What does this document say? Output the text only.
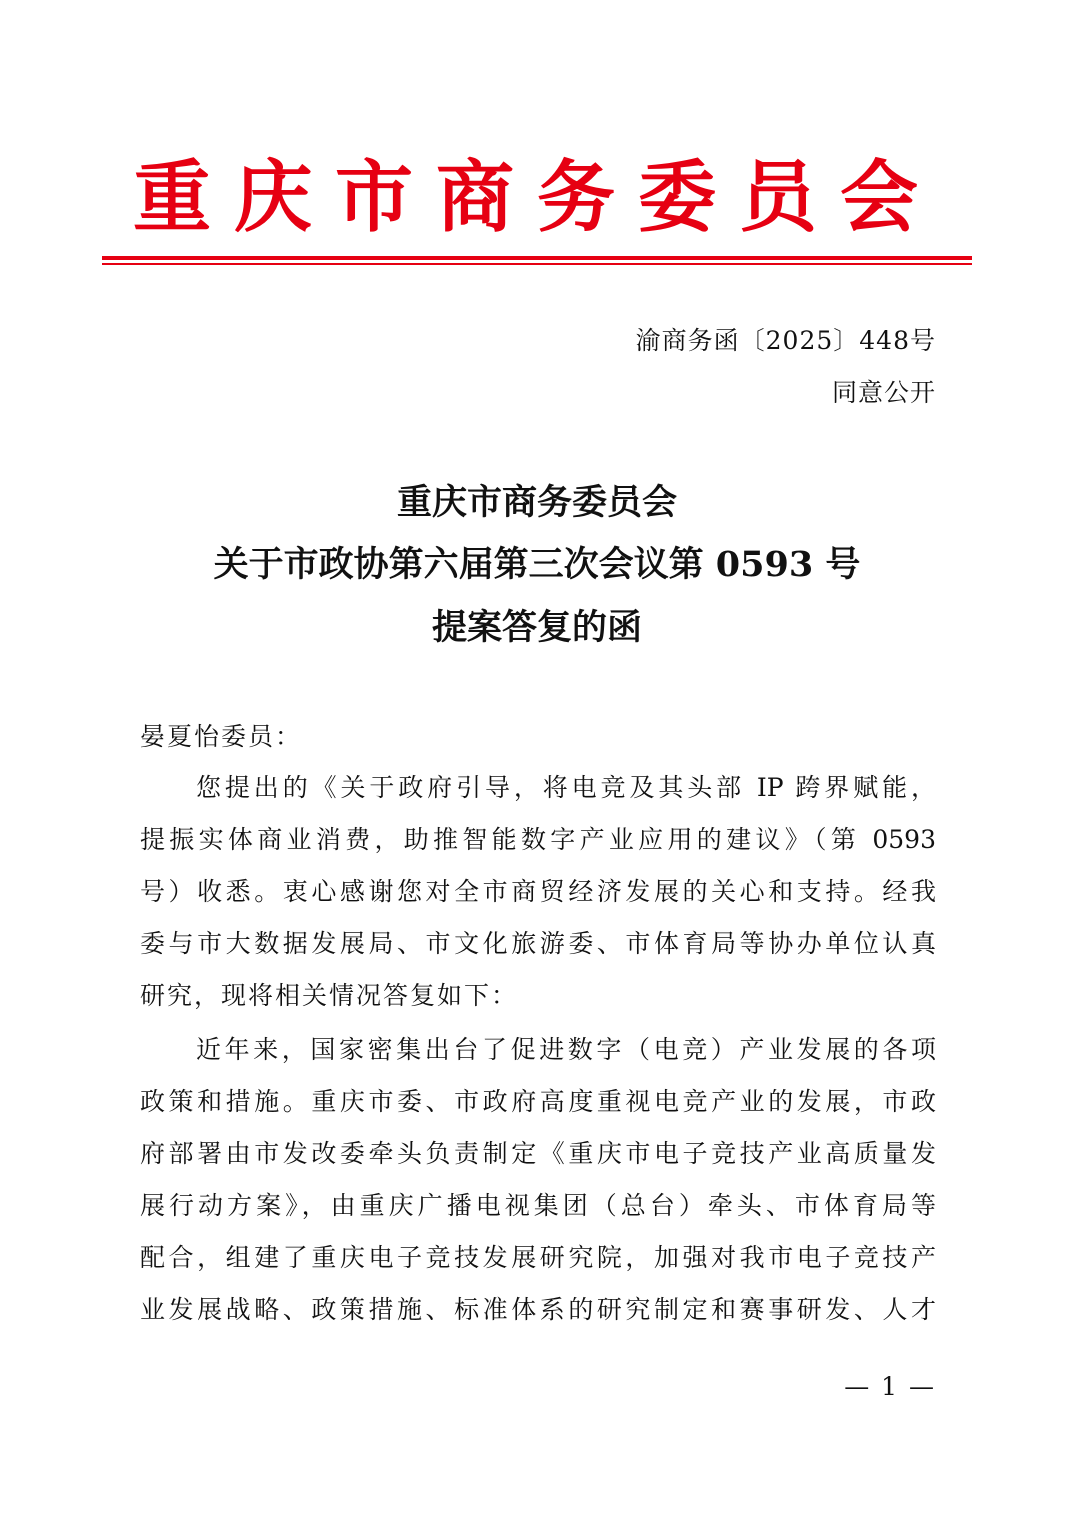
重庆市商务委员会
渝商务函〔2025〕448号
同意公开
重庆市商务委员会
关于市政协第六届第三次会议第 0593 号
提案答复的函
晏夏怡委员：
您提出的《关于政府引导，将电竞及其头部 IP 跨界赋能，
提振实体商业消费，助推智能数字产业应用的建议》（第 0593
号）收悉。衷心感谢您对全市商贸经济发展的关心和支持。经我
委与市大数据发展局、市文化旅游委、市体育局等协办单位认真
研究，现将相关情况答复如下：
近年来，国家密集出台了促进数字（电竞）产业发展的各项
政策和措施。重庆市委、市政府高度重视电竞产业的发展，市政
府部署由市发改委牵头负责制定《重庆市电子竞技产业高质量发
展行动方案》，由重庆广播电视集团（总台）牵头、市体育局等
配合，组建了重庆电子竞技发展研究院，加强对我市电子竞技产
业发展战略、政策措施、标准体系的研究制定和赛事研发、人才
— 1 —
